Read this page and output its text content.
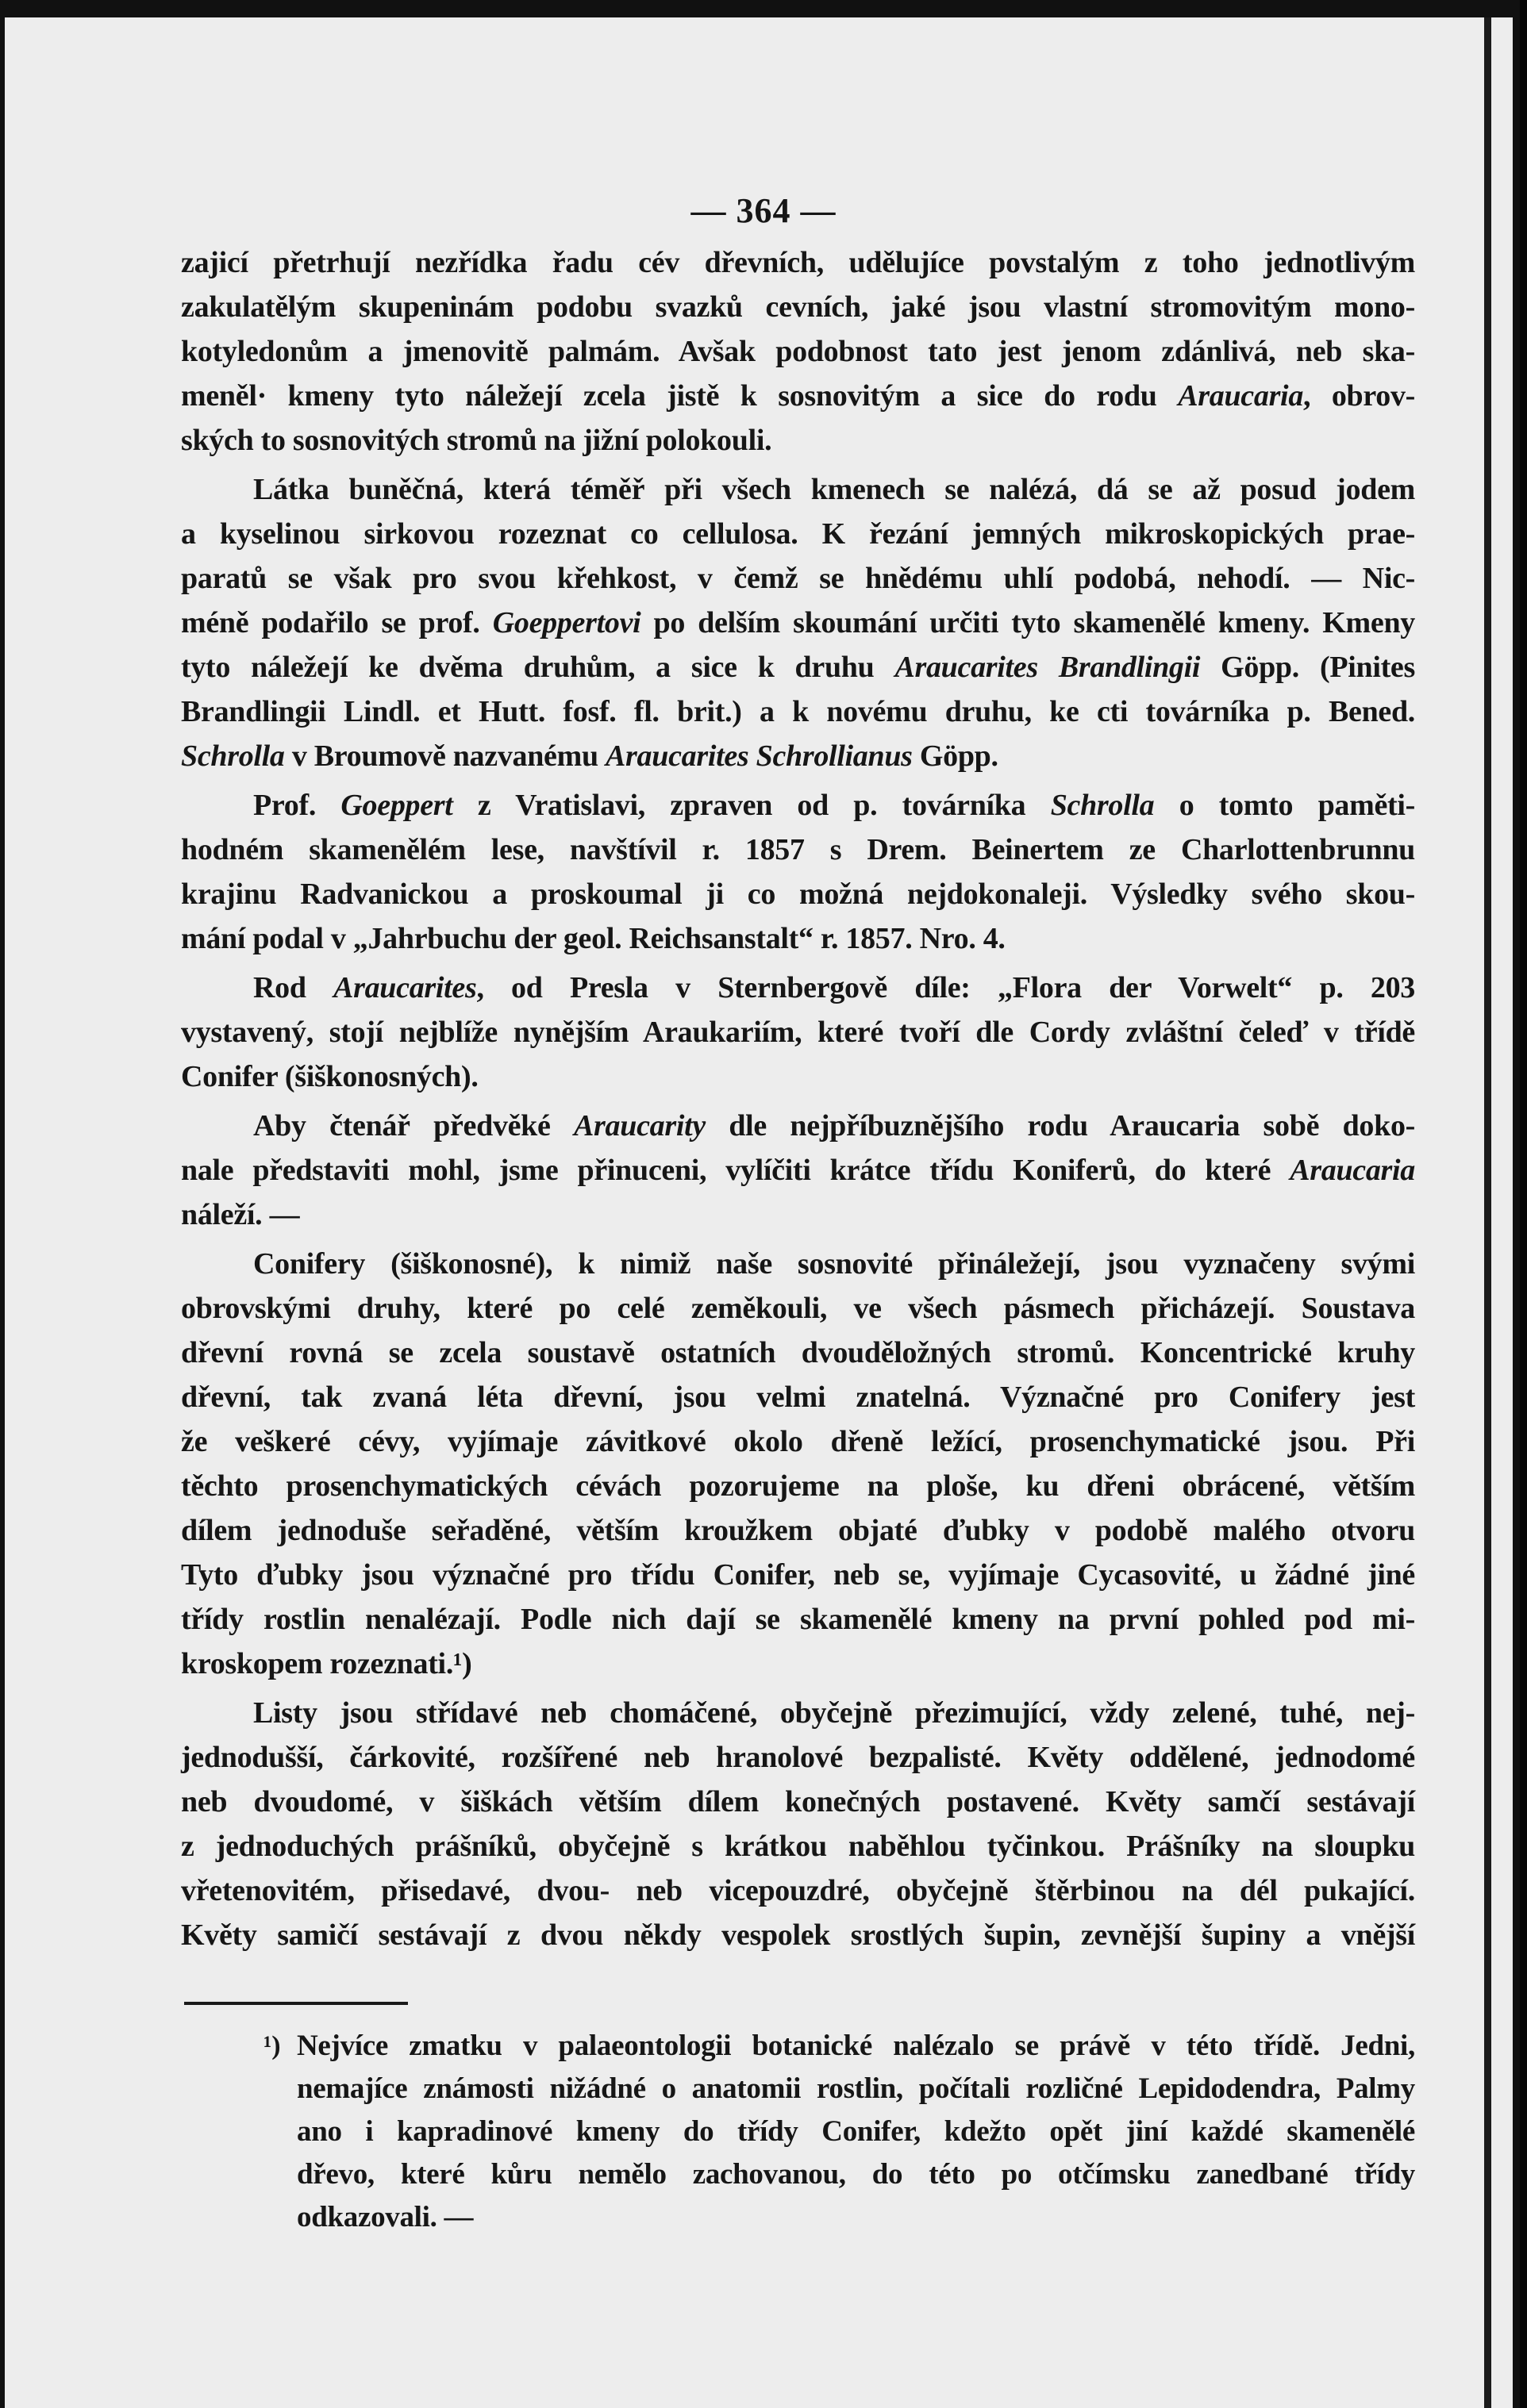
— 364 —
zajicí přetrhují nezřídka řadu cév dřevních, udělujíce povstalým z toho jednotlivým
zakulatělým skupeninám podobu svazků cevních, jaké jsou vlastní stromovitým mono-
kotyledonům a jmenovitě palmám. Avšak podobnost tato jest jenom zdánlivá, neb ska-
meněl· kmeny tyto náležejí zcela jistě k sosnovitým a sice do rodu Araucaria, obrov-
ských to sosnovitých stromů na jižní polokouli.
Látka buněčná, která téměř při všech kmenech se nalézá, dá se až posud jodem
a kyselinou sirkovou rozeznat co cellulosa. K řezání jemných mikroskopických prae-
paratů se však pro svou křehkost, v čemž se hnědému uhlí podobá, nehodí. — Nic-
méně podařilo se prof. Goeppertovi po delším skoumání určiti tyto skamenělé kmeny. Kmeny
tyto náležejí ke dvěma druhům, a sice k druhu Araucarites Brandlingii Göpp. (Pinites
Brandlingii Lindl. et Hutt. fosf. fl. brit.) a k novému druhu, ke cti továrníka p. Bened.
Schrolla v Broumově nazvanému Araucarites Schrollianus Göpp.
Prof. Goeppert z Vratislavi, zpraven od p. továrníka Schrolla o tomto paměti-
hodném skamenělém lese, navštívil r. 1857 s Drem. Beinertem ze Charlottenbrunnu
krajinu Radvanickou a proskoumal ji co možná nejdokonaleji. Výsledky svého skou-
mání podal v „Jahrbuchu der geol. Reichsanstalt“ r. 1857. Nro. 4.
Rod Araucarites, od Presla v Sternbergově díle: „Flora der Vorwelt“ p. 203
vystavený, stojí nejblíže nynějším Araukariím, které tvoří dle Cordy zvláštní čeleď v třídě
Conifer (šiškonosných).
Aby čtenář předvěké Araucarity dle nejpříbuznějšího rodu Araucaria sobě doko-
nale představiti mohl, jsme přinuceni, vylíčiti krátce třídu Koniferů, do které Araucaria
náleží. —
Conifery (šiškonosné), k nimiž naše sosnovité přináležejí, jsou vyznačeny svými
obrovskými druhy, které po celé zeměkouli, ve všech pásmech přicházejí. Soustava
dřevní rovná se zcela soustavě ostatních dvouděložných stromů. Koncentrické kruhy
dřevní, tak zvaná léta dřevní, jsou velmi znatelná. Význačné pro Conifery jest
že veškeré cévy, vyjímaje závitkové okolo dřeně ležící, prosenchymatické jsou. Při
těchto prosenchymatických cévách pozorujeme na ploše, ku dřeni obrácené, větším
dílem jednoduše seřaděné, větším kroužkem objaté ďubky v podobě malého otvoru
Tyto ďubky jsou význačné pro třídu Conifer, neb se, vyjímaje Cycasovité, u žádné jiné
třídy rostlin nenalézají. Podle nich dají se skamenělé kmeny na první pohled pod mi-
kroskopem rozeznati.¹)
Listy jsou střídavé neb chomáčené, obyčejně přezimující, vždy zelené, tuhé, nej-
jednodušší, čárkovité, rozšířené neb hranolové bezpalisté. Květy oddělené, jednodomé
neb dvoudomé, v šiškách větším dílem konečných postavené. Květy samčí sestávají
z jednoduchých prášníků, obyčejně s krátkou naběhlou tyčinkou. Prášníky na sloupku
vřetenovitém, přisedavé, dvou- neb vicepouzdré, obyčejně štěrbinou na dél pukající.
Květy samičí sestávají z dvou někdy vespolek srostlých šupin, zevnější šupiny a vnější
¹) Nejvíce zmatku v palaeontologii botanické nalézalo se právě v této třídě. Jedni,
nemajíce známosti nižádné o anatomii rostlin, počítali rozličné Lepidodendra, Palmy
ano i kapradinové kmeny do třídy Conifer, kdežto opět jiní každé skamenělé
dřevo, které kůru nemělo zachovanou, do této po otčímsku zanedbané třídy
odkazovali. —
